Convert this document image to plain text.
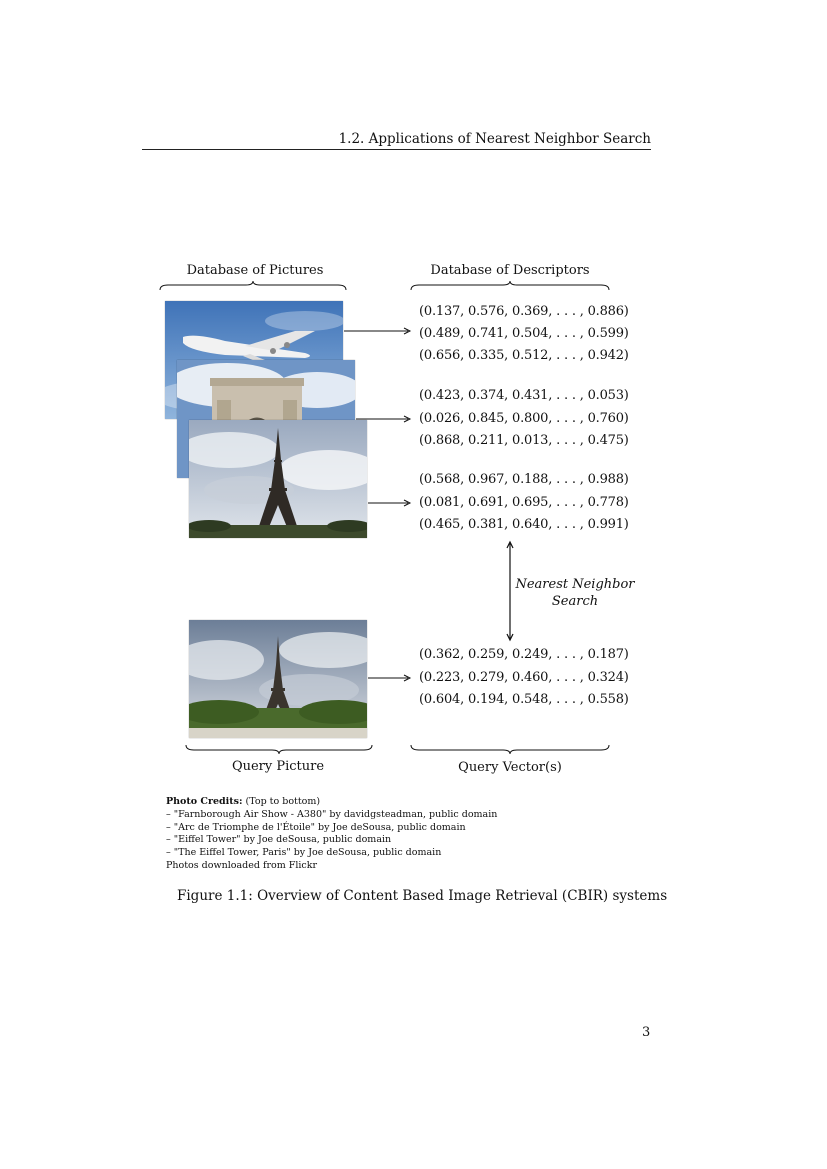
1.2. Applications of Nearest Neighbor Search
Database of Pictures	Database of Descriptors
(0.137, 0.576, 0.369, . . . , 0.886)
(0.489, 0.741, 0.504, . . . , 0.599)
(0.656, 0.335, 0.512, . . . , 0.942)
(0.423, 0.374, 0.431, . . . , 0.053)
(0.026, 0.845, 0.800, . . . , 0.760)
(0.868, 0.211, 0.013, . . . , 0.475)
(0.568, 0.967, 0.188, . . . , 0.988)
(0.081, 0.691, 0.695, . . . , 0.778)
(0.465, 0.381, 0.640, . . . , 0.991)
Nearest Neighbor
Search
(0.362, 0.259, 0.249, . . . , 0.187)
(0.223, 0.279, 0.460, . . . , 0.324)
(0.604, 0.194, 0.548, . . . , 0.558)
Query Picture	Query Vector(s)
Photo Credits: (Top to bottom)
– "Farnborough Air Show - A380" by davidgsteadman, public domain
– "Arc de Triomphe de l'Étoile" by Joe deSousa, public domain
– "Eiffel Tower" by Joe deSousa, public domain
– "The Eiffel Tower, Paris" by Joe deSousa, public domain
Photos downloaded from Flickr
Figure 1.1: Overview of Content Based Image Retrieval (CBIR) systems
3
